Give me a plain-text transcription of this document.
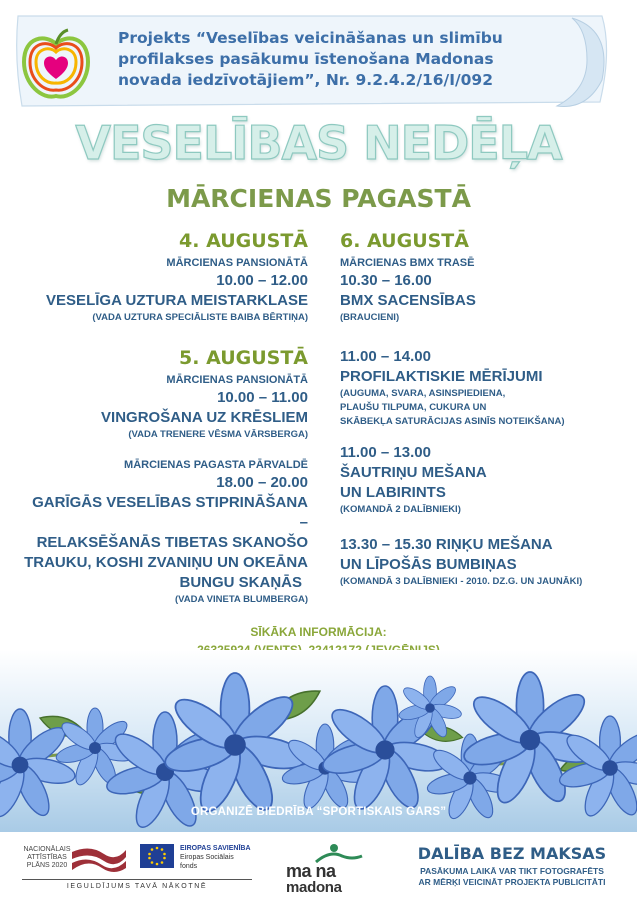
Projekts “Veselības veicināšanas un slimību
profilakses pasākumu īstenošana Madonas
novada iedzīvotājiem”, Nr. 9.2.4.2/16/I/092
VESELĪBAS NEDĒĻA
MĀRCIENAS PAGASTĀ
4. AUGUSTĀ
MĀRCIENAS PANSIONĀTĀ
10.00 – 12.00
VESELĪGA UZTURA MEISTARKLASE
(VADA UZTURA SPECIĀLISTE BAIBA BĒRTIŅA)
5. AUGUSTĀ
MĀRCIENAS PANSIONĀTĀ
10.00 – 11.00
VINGROŠANA UZ KRĒSLIEM
(VADA TRENERE VĒSMA VĀRSBERGA)
MĀRCIENAS PAGASTA PĀRVALDĒ
18.00 – 20.00
GARĪGĀS VESELĪBAS STIPRINĀŠANA –
RELAKSĒŠANĀS TIBETAS SKANOŠO
TRAUKU, KOSHI ZVANIŅU UN OKEĀNA
BUNGU SKAŅĀS
(VADA VINETA BLUMBERGA)
6. AUGUSTĀ
MĀRCIENAS BMX TRASĒ
10.30 – 16.00
BMX SACENSĪBAS
(BRAUCIENI)
11.00 – 14.00
PROFILAKTISKIE MĒRĪJUMI
(AUGUMA, SVARA, ASINSPIEDIENA,
PLAUŠU TILPUMA, CUKURA UN
SKĀBEKĻA SATURĀCIJAS ASINĪS NOTEIKŠANA)
11.00 – 13.00
ŠAUTRIŅU MEŠANA
UN LABIRINTS
(KOMANDĀ 2 DALĪBNIEKI)
13.30 – 15.30 RIŅĶU MEŠANA
UN LĪPOŠĀS BUMBIŅAS
(KOMANDĀ 3 DALĪBNIEKI - 2010. DZ.G. UN JAUNĀKI)
SĪKĀKA INFORMĀCIJA:
ORGANIZĒ BIEDRĪBA “SPORTISKAIS GARS”
NACIONĀLAIS
ATTĪSTĪBAS
PLĀNS 2020
EIROPAS SAVIENĪBA
Eiropas Sociālais
fonds
IEGULDĪJUMS TAVĀ NĀKOTNĒ
ma na
madona
DALĪBA BEZ MAKSAS
PASĀKUMA LAIKĀ VAR TIKT FOTOGRAFĒTS
AR MĒRĶI VEICINĀT PROJEKTA PUBLICITĀTI
